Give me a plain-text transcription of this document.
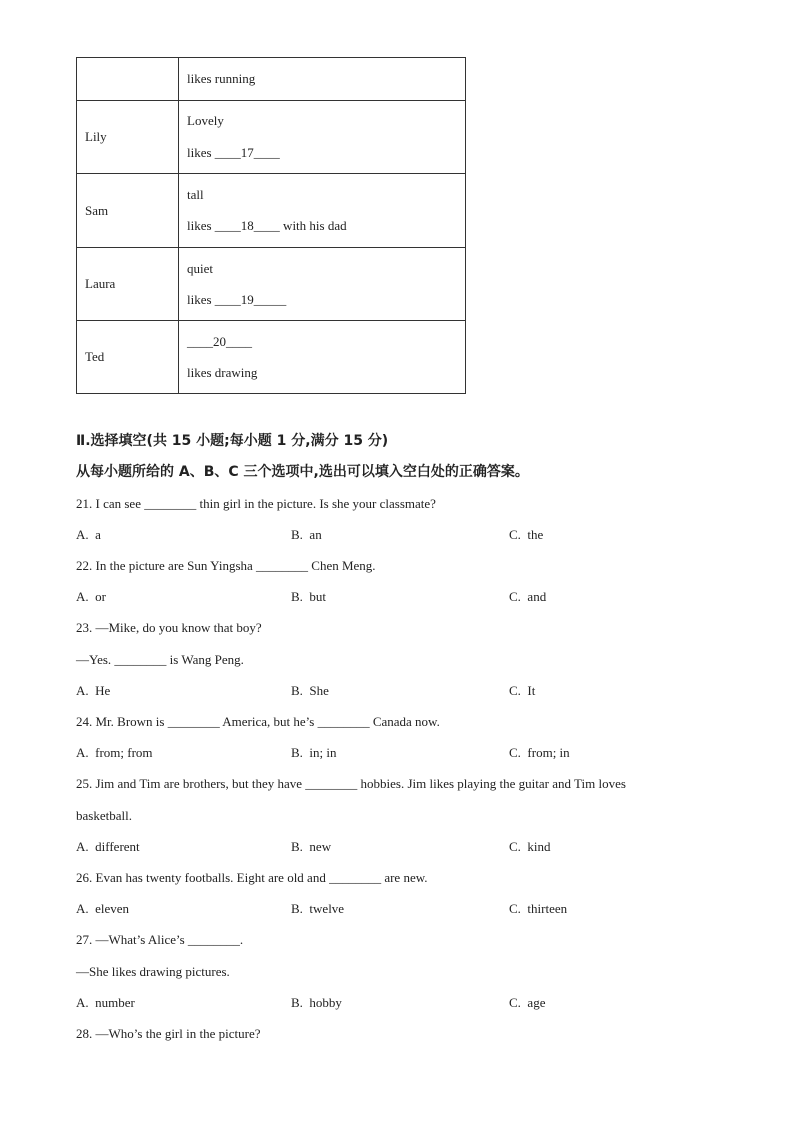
	likes running

Lily	Lovely
likes ____17____

Sam	tall
likes ____18____ with his dad

Laura	quiet
likes ____19_____

Ted	____20____
likes drawing
Ⅱ.选择填空(共 15 小题;每小题 1 分,满分 15 分)
从每小题所给的 A、B、C 三个选项中,选出可以填入空白处的正确答案。
21. I can see ________ thin girl in the picture. Is she your classmate?
A.  a	B.  an	C.  the
22. In the picture are Sun Yingsha ________ Chen Meng.
A.  or	B.  but	C.  and
23. —Mike, do you know that boy?
—Yes. ________ is Wang Peng.
A.  He	B.  She	C.  It
24. Mr. Brown is ________ America, but he’s ________ Canada now.
A.  from; from	B.  in; in	C.  from; in
25. Jim and Tim are brothers, but they have ________ hobbies. Jim likes playing the guitar and Tim loves
basketball.
A.  different	B.  new	C.  kind
26. Evan has twenty footballs. Eight are old and ________ are new.
A.  eleven	B.  twelve	C.  thirteen
27. —What’s Alice’s ________.
—She likes drawing pictures.
A.  number	B.  hobby	C.  age
28. —Who’s the girl in the picture?
